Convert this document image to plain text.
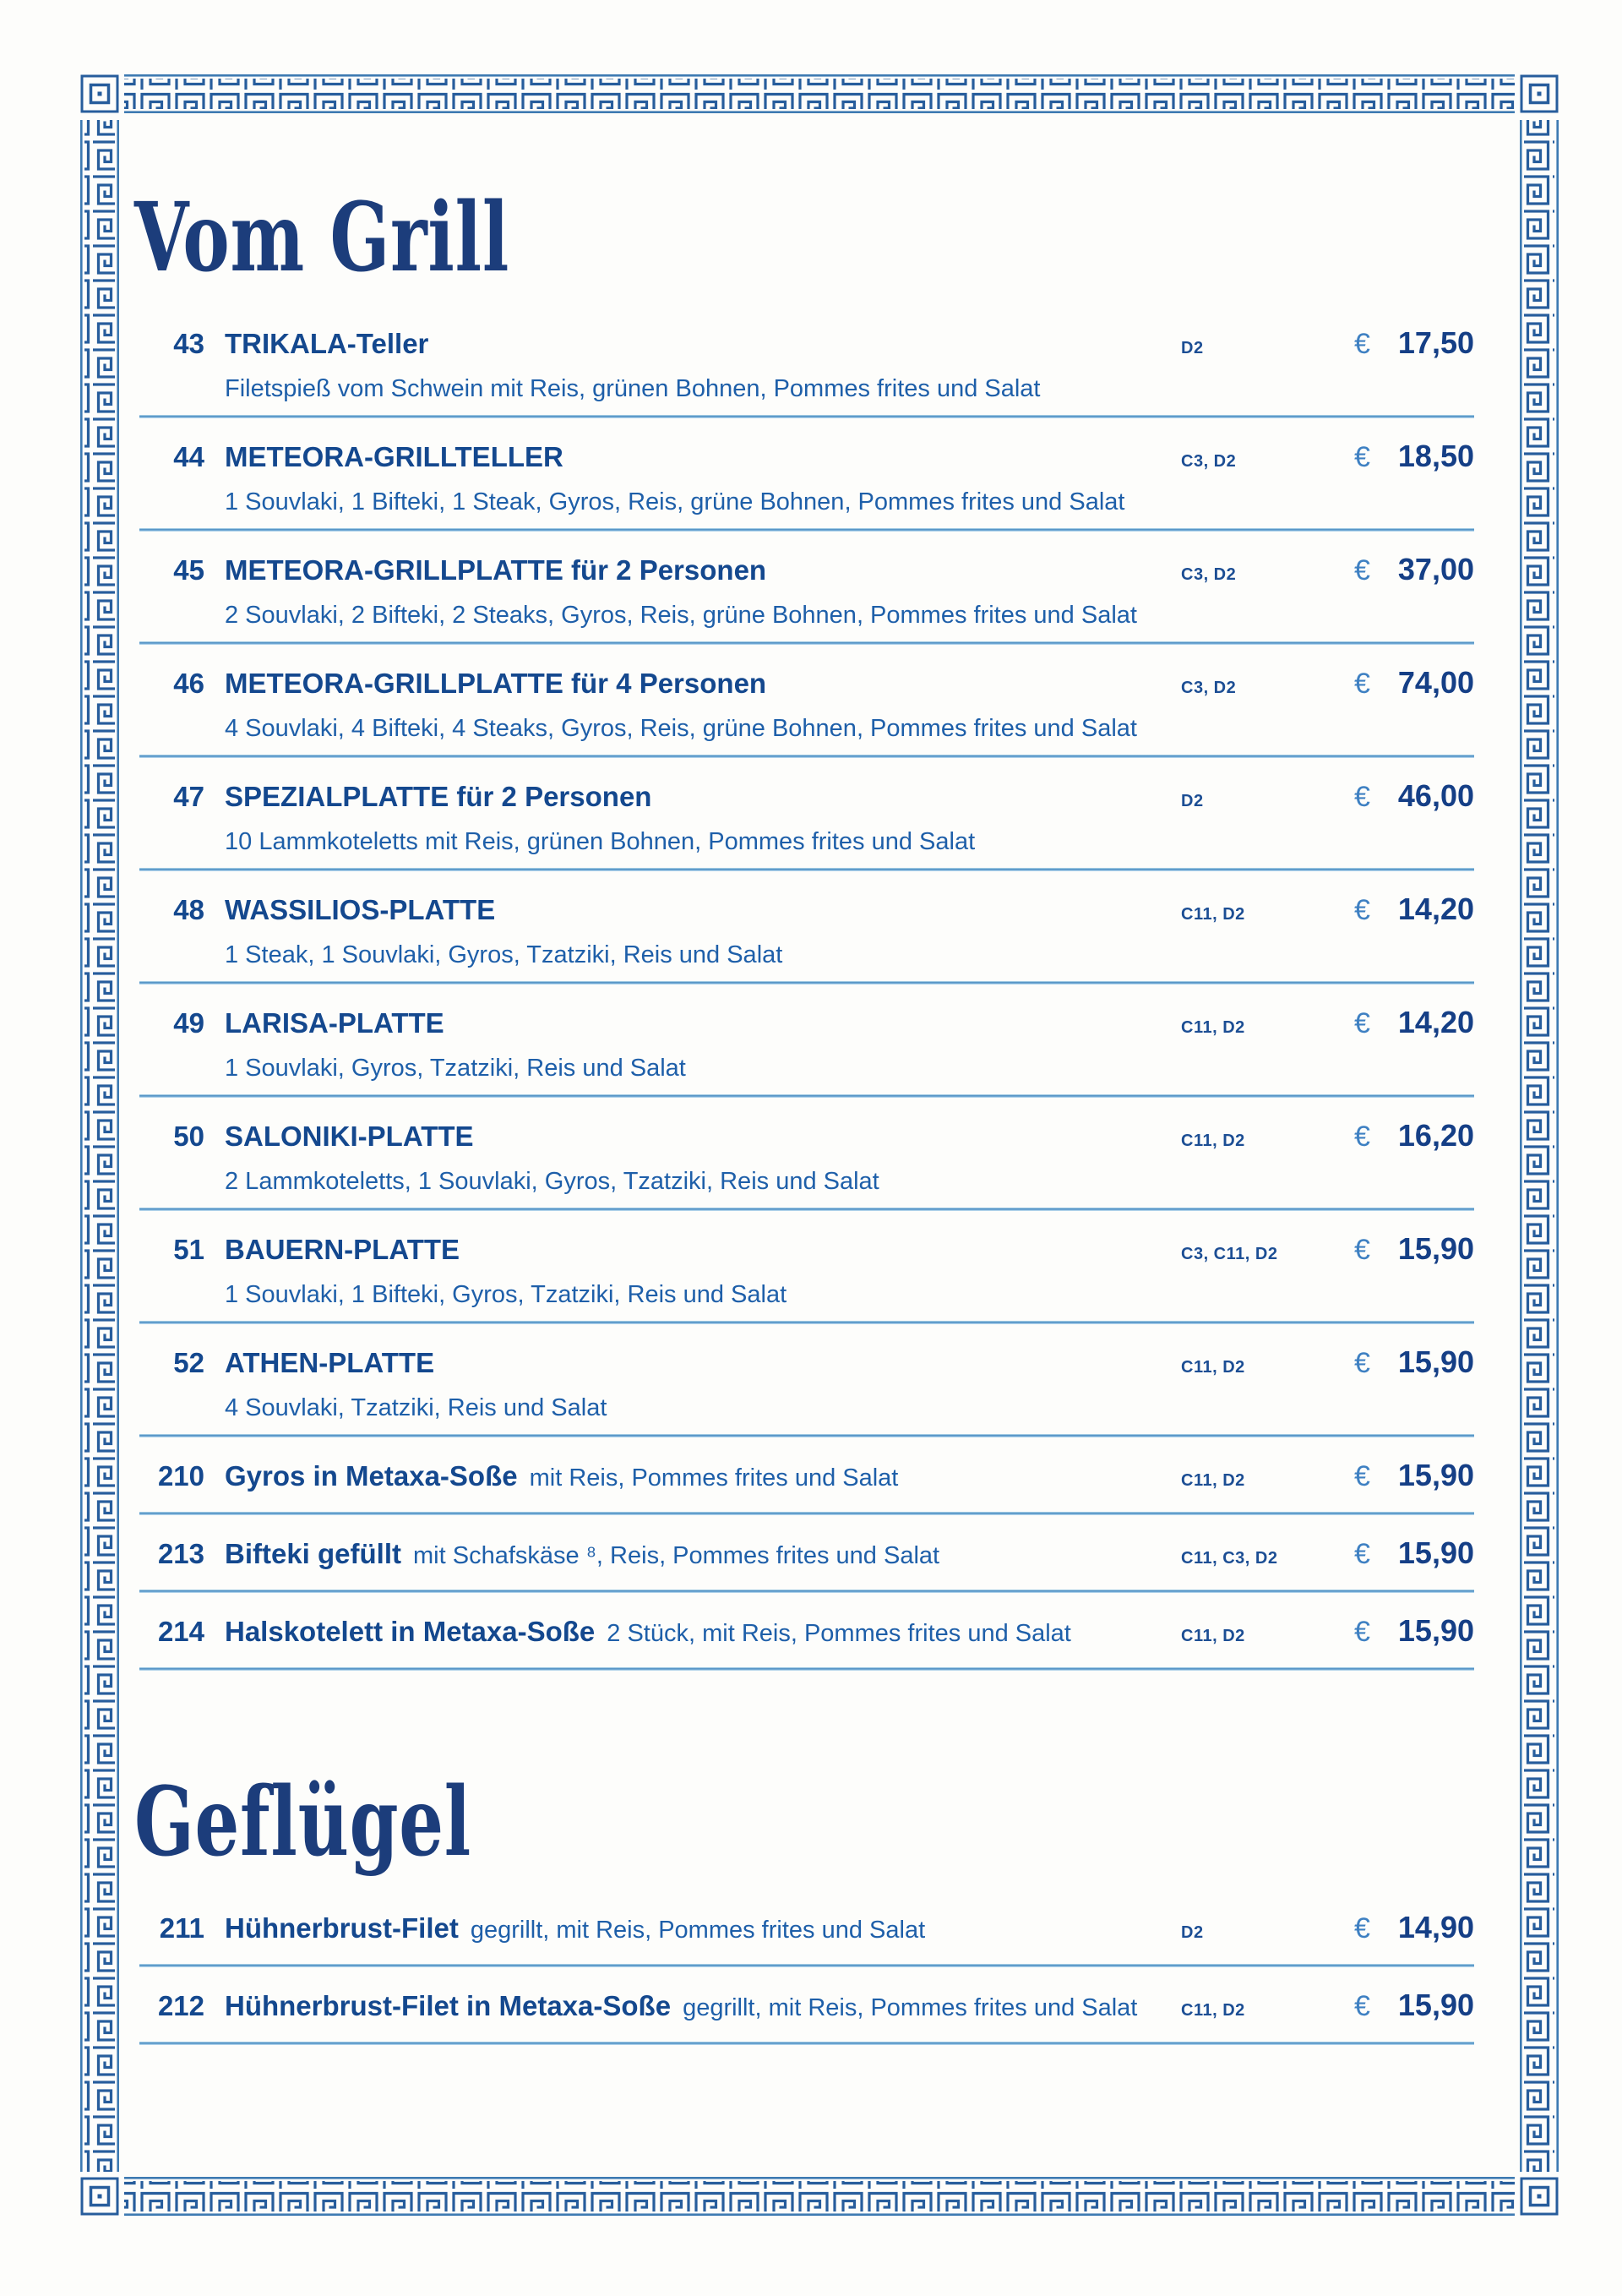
Vom Grill
43 TRIKALA-Teller	D2	€ 17,50
Filetspieß vom Schwein mit Reis, grünen Bohnen, Pommes frites und Salat
44 METEORA-GRILLTELLER	C3, D2	€ 18,50
1 Souvlaki, 1 Bifteki, 1 Steak, Gyros, Reis, grüne Bohnen, Pommes frites und Salat
45 METEORA-GRILLPLATTE für 2 Personen	C3, D2	€ 37,00
2 Souvlaki, 2 Bifteki, 2 Steaks, Gyros, Reis, grüne Bohnen, Pommes frites und Salat
46 METEORA-GRILLPLATTE für 4 Personen	C3, D2	€ 74,00
4 Souvlaki, 4 Bifteki, 4 Steaks, Gyros, Reis, grüne Bohnen, Pommes frites und Salat
47 SPEZIALPLATTE für 2 Personen	D2	€ 46,00
10 Lammkoteletts mit Reis, grünen Bohnen, Pommes frites und Salat
48 WASSILIOS-PLATTE	C11, D2	€ 14,20
1 Steak, 1 Souvlaki, Gyros, Tzatziki, Reis und Salat
49 LARISA-PLATTE	C11, D2	€ 14,20
1 Souvlaki, Gyros, Tzatziki, Reis und Salat
50 SALONIKI-PLATTE	C11, D2	€ 16,20
2 Lammkoteletts, 1 Souvlaki, Gyros, Tzatziki, Reis und Salat
51 BAUERN-PLATTE	C3, C11, D2	€ 15,90
1 Souvlaki, 1 Bifteki, Gyros, Tzatziki, Reis und Salat
52 ATHEN-PLATTE	C11, D2	€ 15,90
4 Souvlaki, Tzatziki, Reis und Salat
210 Gyros in Metaxa-Soße mit Reis, Pommes frites und Salat	C11, D2	€ 15,90
213 Bifteki gefüllt mit Schafskäse ⁸, Reis, Pommes frites und Salat	C11, C3, D2	€ 15,90
214 Halskotelett in Metaxa-Soße 2 Stück, mit Reis, Pommes frites und Salat	C11, D2	€ 15,90
Geflügel
211 Hühnerbrust-Filet gegrillt, mit Reis, Pommes frites und Salat	D2	€ 14,90
212 Hühnerbrust-Filet in Metaxa-Soße gegrillt, mit Reis, Pommes frites und Salat	C11, D2	€ 15,90
